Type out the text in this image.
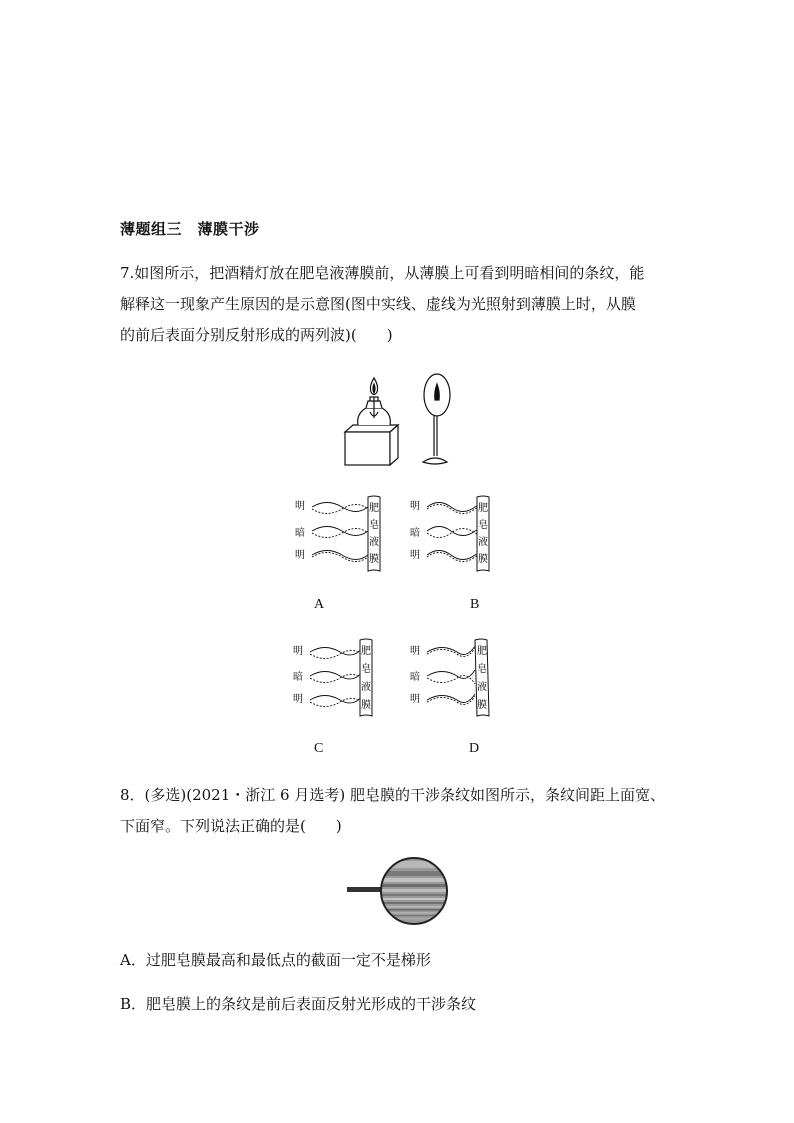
薄题组三　薄膜干涉
7.如图所示，把酒精灯放在肥皂液薄膜前，从薄膜上可看到明暗相间的条纹，能
解释这一现象产生原因的是示意图(图中实线、虚线为光照射到薄膜上时，从膜
的前后表面分别反射形成的两列波)(　　)
明
暗
明
肥
皂
液
膜
A
明
暗
明
肥
皂
液
膜
B
明
暗
明
肥
皂
液
膜
C
明
暗
明
肥
皂
液
膜
D
8．(多选)(2021・浙江 6 月选考) 肥皂膜的干涉条纹如图所示，条纹间距上面宽、
下面窄。下列说法正确的是(　　)
A．过肥皂膜最高和最低点的截面一定不是梯形
B．肥皂膜上的条纹是前后表面反射光形成的干涉条纹
